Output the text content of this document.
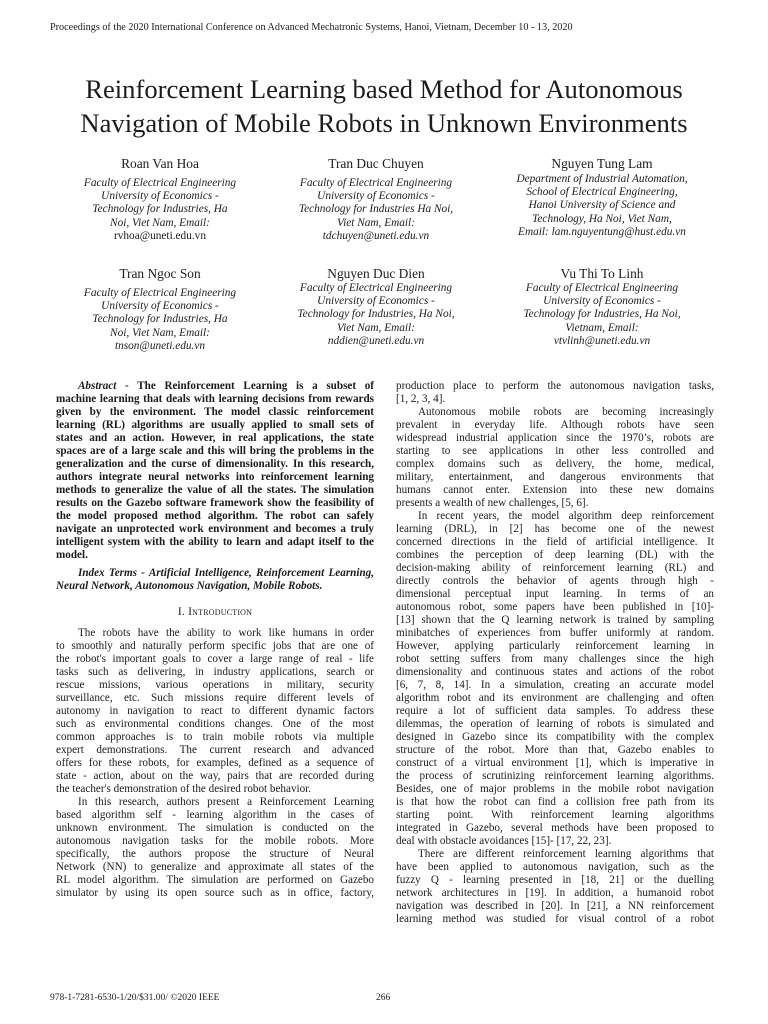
Proceedings of the 2020 International Conference on Advanced Mechatronic Systems, Hanoi, Vietnam, December 10 - 13, 2020
Reinforcement Learning based Method for Autonomous
Navigation of Mobile Robots in Unknown Environments
Roan Van Hoa
Faculty of Electrical Engineering
University of Economics -
Technology for Industries, Ha
Noi, Viet Nam, Email:
rvhoa@uneti.edu.vn
Tran Duc Chuyen
Faculty of Electrical Engineering
University of Economics -
Technology for Industries Ha Noi,
Viet Nam, Email:
tdchuyen@uneti.edu.vn
Nguyen Tung Lam
Department of Industrial Automation,
School of Electrical Engineering,
Hanoi University of Science and
Technology, Ha Noi, Viet Nam,
Email: lam.nguyentung@hust.edu.vn
Tran Ngoc Son
Faculty of Electrical Engineering
University of Economics -
Technology for Industries, Ha
Noi, Viet Nam, Email:
tnson@uneti.edu.vn
Nguyen Duc Dien
Faculty of Electrical Engineering
University of Economics -
Technology for Industries, Ha Noi,
Viet Nam, Email:
nddien@uneti.edu.vn
Vu Thi To Linh
Faculty of Electrical Engineering
University of Economics -
Technology for Industries, Ha Noi,
Vietnam, Email:
vtvlinh@uneti.edu.vn
Abstract - The Reinforcement Learning is a subset of
machine learning that deals with learning decisions from rewards
given by the environment. The model classic reinforcement
learning (RL) algorithms are usually applied to small sets of
states and an action. However, in real applications, the state
spaces are of a large scale and this will bring the problems in the
generalization and the curse of dimensionality. In this research,
authors integrate neural networks into reinforcement learning
methods to generalize the value of all the states. The simulation
results on the Gazebo software framework show the feasibility of
the model proposed method algorithm. The robot can safely
navigate an unprotected work environment and becomes a truly
intelligent system with the ability to learn and adapt itself to the
model.
Index Terms - Artificial Intelligence, Reinforcement Learning,
Neural Network, Autonomous Navigation, Mobile Robots.
I. Introduction
The robots have the ability to work like humans in order
to smoothly and naturally perform specific jobs that are one of
the robot's important goals to cover a large range of real - life
tasks such as delivering, in industry applications, search or
rescue missions, various operations in military, security
surveillance, etc. Such missions require different levels of
autonomy in navigation to react to different dynamic factors
such as environmental conditions changes. One of the most
common approaches is to train mobile robots via multiple
expert demonstrations. The current research and advanced
offers for these robots, for examples, defined as a sequence of
state - action, about on the way, pairs that are recorded during
the teacher's demonstration of the desired robot behavior.
In this research, authors present a Reinforcement Learning
based algorithm self - learning algorithm in the cases of
unknown environment. The simulation is conducted on the
autonomous navigation tasks for the mobile robots. More
specifically, the authors propose the structure of Neural
Network (NN) to generalize and approximate all states of the
RL model algorithm. The simulation are performed on Gazebo
simulator by using its open source such as in office, factory,
production place to perform the autonomous navigation tasks,
[1, 2, 3, 4].
Autonomous mobile robots are becoming increasingly
prevalent in everyday life. Although robots have seen
widespread industrial application since the 1970’s, robots are
starting to see applications in other less controlled and
complex domains such as delivery, the home, medical,
military, entertainment, and dangerous environments that
humans cannot enter. Extension into these new domains
presents a wealth of new challenges, [5, 6].
In recent years, the model algorithm deep reinforcement
learning (DRL), in [2] has become one of the newest
concerned directions in the field of artificial intelligence. It
combines the perception of deep learning (DL) with the
decision-making ability of reinforcement learning (RL) and
directly controls the behavior of agents through high -
dimensional perceptual input learning. In terms of an
autonomous robot, some papers have been published in [10]-
[13] shown that the Q learning network is trained by sampling
minibatches of experiences from buffer uniformly at random.
However, applying particularly reinforcement learning in
robot setting suffers from many challenges since the high
dimensionality and continuous states and actions of the robot
[6, 7, 8, 14]. In a simulation, creating an accurate model
algorithm robot and its environment are challenging and often
require a lot of sufficient data samples. To address these
dilemmas, the operation of learning of robots is simulated and
designed in Gazebo since its compatibility with the complex
structure of the robot. More than that, Gazebo enables to
construct of a virtual environment [1], which is imperative in
the process of scrutinizing reinforcement learning algorithms.
Besides, one of major problems in the mobile robot navigation
is that how the robot can find a collision free path from its
starting point. With reinforcement learning algorithms
integrated in Gazebo, several methods have been proposed to
deal with obstacle avoidances [15]- [17, 22, 23].
There are different reinforcement learning algorithms that
have been applied to autonomous navigation, such as the
fuzzy Q - learning presented in [18, 21] or the duelling
network architectures in [19]. In addition, a humanoid robot
navigation was described in [20]. In [21], a NN reinforcement
learning method was studied for visual control of a robot
978-1-7281-6530-1/20/$31.00/ ©2020 IEEE	266
